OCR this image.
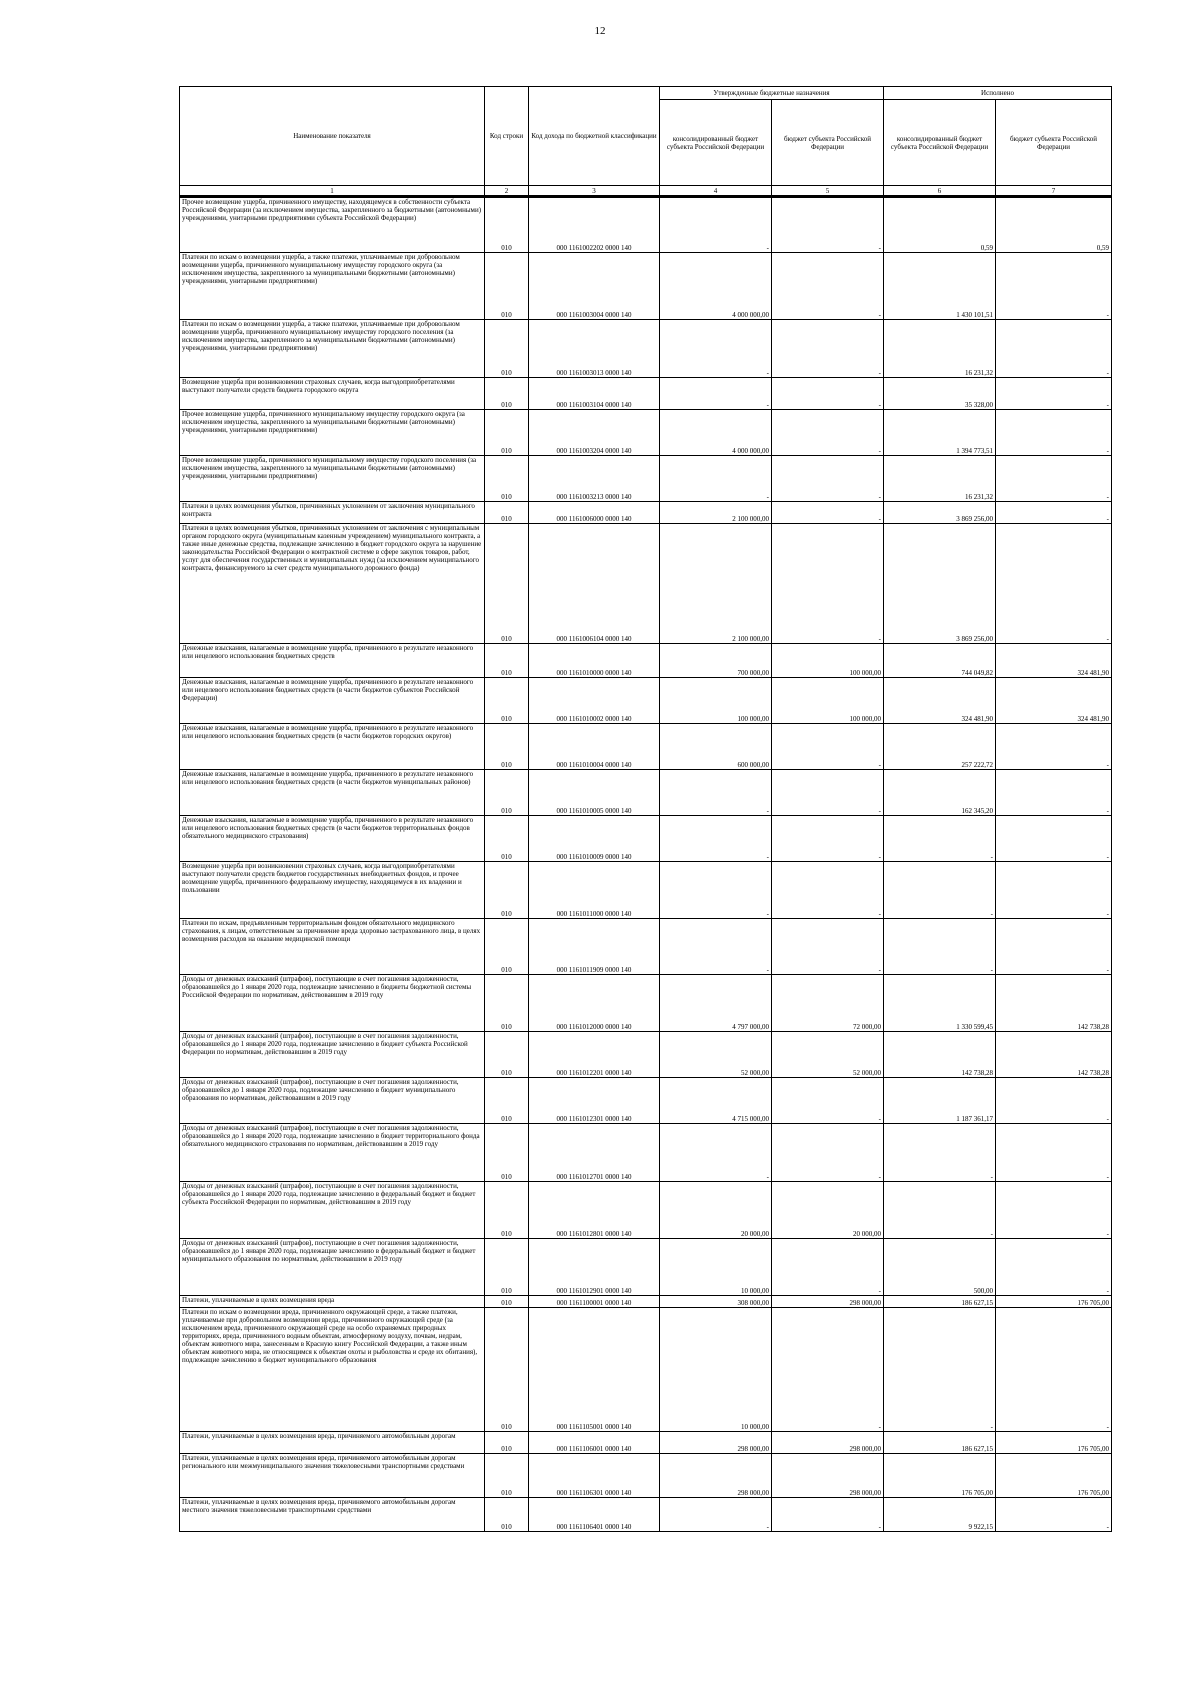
12
Наименование показателя	Код строки	Код дохода по бюджетной классификации	Утвержденные бюджетные назначения		Исполнено	
			консолидированный бюджет субъекта Российской Федерации	бюджет субъекта Российской Федерации	консолидированный бюджет субъекта Российской Федерации	бюджет субъекта Российской Федерации
1	2	3	4	5	6	7
Прочее возмещение ущерба, причиненного имуществу, находящемуся в собственности субъекта Российской Федерации (за исключением имущества, закрепленного за бюджетными (автономными) учреждениями, унитарными предприятиями субъекта Российской Федерации)	010	000 1161002202 0000 140	-	-	0,59	0,59
Платежи по искам о возмещении ущерба, а также платежи, уплачиваемые при добровольном возмещении ущерба, причиненного муниципальному имуществу городского округа (за исключением имущества, закрепленного за муниципальными бюджетными (автономными) учреждениями, унитарными предприятиями)	010	000 1161003004 0000 140	4 000 000,00	-	1 430 101,51	-
Платежи по искам о возмещении ущерба, а также платежи, уплачиваемые при добровольном возмещении ущерба, причиненного муниципальному имуществу городского поселения (за исключением имущества, закрепленного за муниципальными бюджетными (автономными) учреждениями, унитарными предприятиями)	010	000 1161003013 0000 140	-	-	16 231,32	-
Возмещение ущерба при возникновении страховых случаев, когда выгодоприобретателями выступают получатели средств бюджета городского округа	010	000 1161003104 0000 140	-	-	35 328,00	-
Прочее возмещение ущерба, причиненного муниципальному имуществу городского округа (за исключением имущества, закрепленного за муниципальными бюджетными (автономными) учреждениями, унитарными предприятиями)	010	000 1161003204 0000 140	4 000 000,00	-	1 394 773,51	-
Прочее возмещение ущерба, причиненного муниципальному имуществу городского поселения (за исключением имущества, закрепленного за муниципальными бюджетными (автономными) учреждениями, унитарными предприятиями)	010	000 1161003213 0000 140	-	-	16 231,32	-
Платежи в целях возмещения убытков, причиненных уклонением от заключения муниципального контракта	010	000 1161006000 0000 140	2 100 000,00	-	3 869 256,00	-
Платежи в целях возмещения убытков, причиненных уклонением от заключения с муниципальным органом городского округа (муниципальным казенным учреждением) муниципального контракта, а также иные денежные средства, подлежащие зачислению в бюджет городского округа за нарушение законодательства Российской Федерации о контрактной системе в сфере закупок товаров, работ, услуг для обеспечения государственных и муниципальных нужд (за исключением муниципального контракта, финансируемого за счет средств муниципального дорожного фонда)	010	000 1161006104 0000 140	2 100 000,00	-	3 869 256,00	-
Денежные взыскания, налагаемые в возмещение ущерба, причиненного в результате незаконного или нецелевого использования бюджетных средств	010	000 1161010000 0000 140	700 000,00	100 000,00	744 049,82	324 481,90
Денежные взыскания, налагаемые в возмещение ущерба, причиненного в результате незаконного или нецелевого использования бюджетных средств (в части бюджетов субъектов Российской Федерации)	010	000 1161010002 0000 140	100 000,00	100 000,00	324 481,90	324 481,90
Денежные взыскания, налагаемые в возмещение ущерба, причиненного в результате незаконного или нецелевого использования бюджетных средств (в части бюджетов городских округов)	010	000 1161010004 0000 140	600 000,00	-	257 222,72	-
Денежные взыскания, налагаемые в возмещение ущерба, причиненного в результате незаконного или нецелевого использования бюджетных средств (в части бюджетов муниципальных районов)	010	000 1161010005 0000 140	-	-	162 345,20	-
Денежные взыскания, налагаемые в возмещение ущерба, причиненного в результате незаконного или нецелевого использования бюджетных средств (в части бюджетов территориальных фондов обязательного медицинского страхования)	010	000 1161010009 0000 140	-	-	-	-
Возмещение ущерба при возникновении страховых случаев, когда выгодоприобретателями выступают получатели средств бюджетов государственных внебюджетных фондов, и прочее возмещение ущерба, причиненного федеральному имуществу, находящемуся в их владении и пользовании	010	000 1161011000 0000 140	-	-	-	-
Платежи по искам, предъявленным территориальным фондом обязательного медицинского страхования, к лицам, ответственным за причинение вреда здоровью застрахованного лица, в целях возмещения расходов на оказание медицинской помощи	010	000 1161011909 0000 140	-	-	-	-
Доходы от денежных взысканий (штрафов), поступающие в счет погашения задолженности, образовавшейся до 1 января 2020 года, подлежащие зачислению в бюджеты бюджетной системы Российской Федерации по нормативам, действовавшим в 2019 году	010	000 1161012000 0000 140	4 797 000,00	72 000,00	1 330 599,45	142 738,28
Доходы от денежных взысканий (штрафов), поступающие в счет погашения задолженности, образовавшейся до 1 января 2020 года, подлежащие зачислению в бюджет субъекта Российской Федерации по нормативам, действовавшим в 2019 году	010	000 1161012201 0000 140	52 000,00	52 000,00	142 738,28	142 738,28
Доходы от денежных взысканий (штрафов), поступающие в счет погашения задолженности, образовавшейся до 1 января 2020 года, подлежащие зачислению в бюджет муниципального образования по нормативам, действовавшим в 2019 году	010	000 1161012301 0000 140	4 715 000,00	-	1 187 361,17	-
Доходы от денежных взысканий (штрафов), поступающие в счет погашения задолженности, образовавшейся до 1 января 2020 года, подлежащие зачислению в бюджет территориального фонда обязательного медицинского страхования по нормативам, действовавшим в 2019 году	010	000 1161012701 0000 140	-	-	-	-
Доходы от денежных взысканий (штрафов), поступающие в счет погашения задолженности, образовавшейся до 1 января 2020 года, подлежащие зачислению в федеральный бюджет и бюджет субъекта Российской Федерации по нормативам, действовавшим в 2019 году	010	000 1161012801 0000 140	20 000,00	20 000,00	-	-
Доходы от денежных взысканий (штрафов), поступающие в счет погашения задолженности, образовавшейся до 1 января 2020 года, подлежащие зачислению в федеральный бюджет и бюджет муниципального образования по нормативам, действовавшим в 2019 году	010	000 1161012901 0000 140	10 000,00	-	500,00	-
Платежи, уплачиваемые в целях возмещения вреда	010	000 1161100001 0000 140	308 000,00	298 000,00	186 627,15	176 705,00
Платежи по искам о возмещении вреда, причиненного окружающей среде, а также платежи, уплачиваемые при добровольном возмещении вреда, причиненного окружающей среде (за исключением вреда, причиненного окружающей среде на особо охраняемых природных территориях, вреда, причиненного водным объектам, атмосферному воздуху, почвам, недрам, объектам животного мира, занесенным в Красную книгу Российской Федерации, а также иным объектам животного мира, не относящимся к объектам охоты и рыболовства и среде их обитания), подлежащие зачислению в бюджет муниципального образования	010	000 1161105001 0000 140	10 000,00	-	-	-
Платежи, уплачиваемые в целях возмещения вреда, причиняемого автомобильным дорогам	010	000 1161106001 0000 140	298 000,00	298 000,00	186 627,15	176 705,00
Платежи, уплачиваемые в целях возмещения вреда, причиняемого автомобильным дорогам регионального или межмуниципального значения тяжеловесными транспортными средствами	010	000 1161106301 0000 140	298 000,00	298 000,00	176 705,00	176 705,00
Платежи, уплачиваемые в целях возмещения вреда, причиняемого автомобильным дорогам местного значения тяжеловесными транспортными средствами	010	000 1161106401 0000 140	-	-	9 922,15	-
